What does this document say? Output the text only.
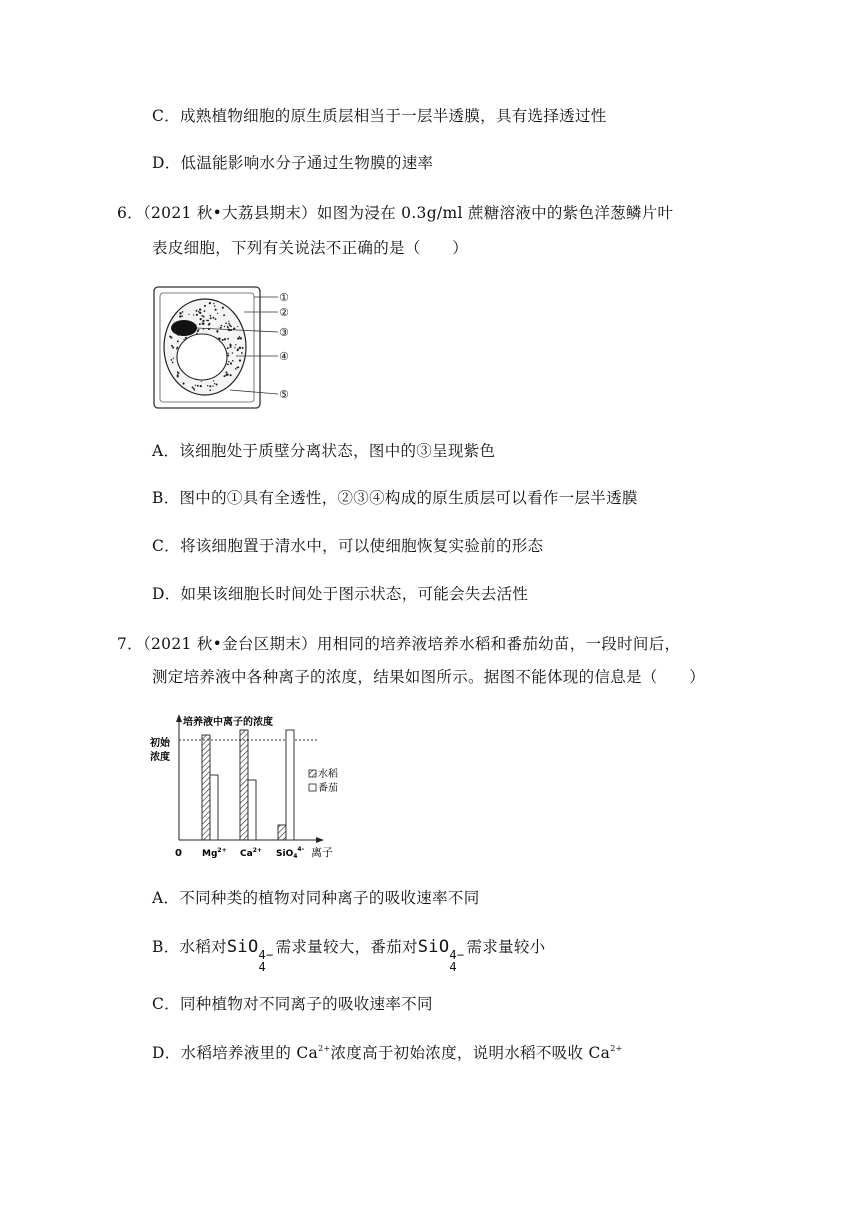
C．成熟植物细胞的原生质层相当于一层半透膜，具有选择透过性
D．低温能影响水分子通过生物膜的速率
6．（2021 秋•大荔县期末）如图为浸在 0.3g/ml 蔗糖溶液中的紫色洋葱鳞片叶
表皮细胞，下列有关说法不正确的是（　　）
①
②
③
④
⑤
A．该细胞处于质壁分离状态，图中的③呈现紫色
B．图中的①具有全透性，②③④构成的原生质层可以看作一层半透膜
C．将该细胞置于清水中，可以使细胞恢复实验前的形态
D．如果该细胞长时间处于图示状态，可能会失去活性
7．（2021 秋•金台区期末）用相同的培养液培养水稻和番茄幼苗，一段时间后，
测定培养液中各种离子的浓度，结果如图所示。据图不能体现的信息是（　　）
培养液中离子的浓度
离子
0
初始
浓度
$Mg^{2+}$ $Ca^{2+}$ SiO$_4^{4-}$
水稻
番茄
A．不同种类的植物对同种离子的吸收速率不同
B．水稻对SiO 4−
4
需求量较大，番茄对SiO 4−
4
需求量较小
C．同种植物对不同离子的吸收速率不同
D．水稻培养液里的 $Ca^{2+}$浓度高于初始浓度，说明水稻不吸收 $Ca^{2+}$
